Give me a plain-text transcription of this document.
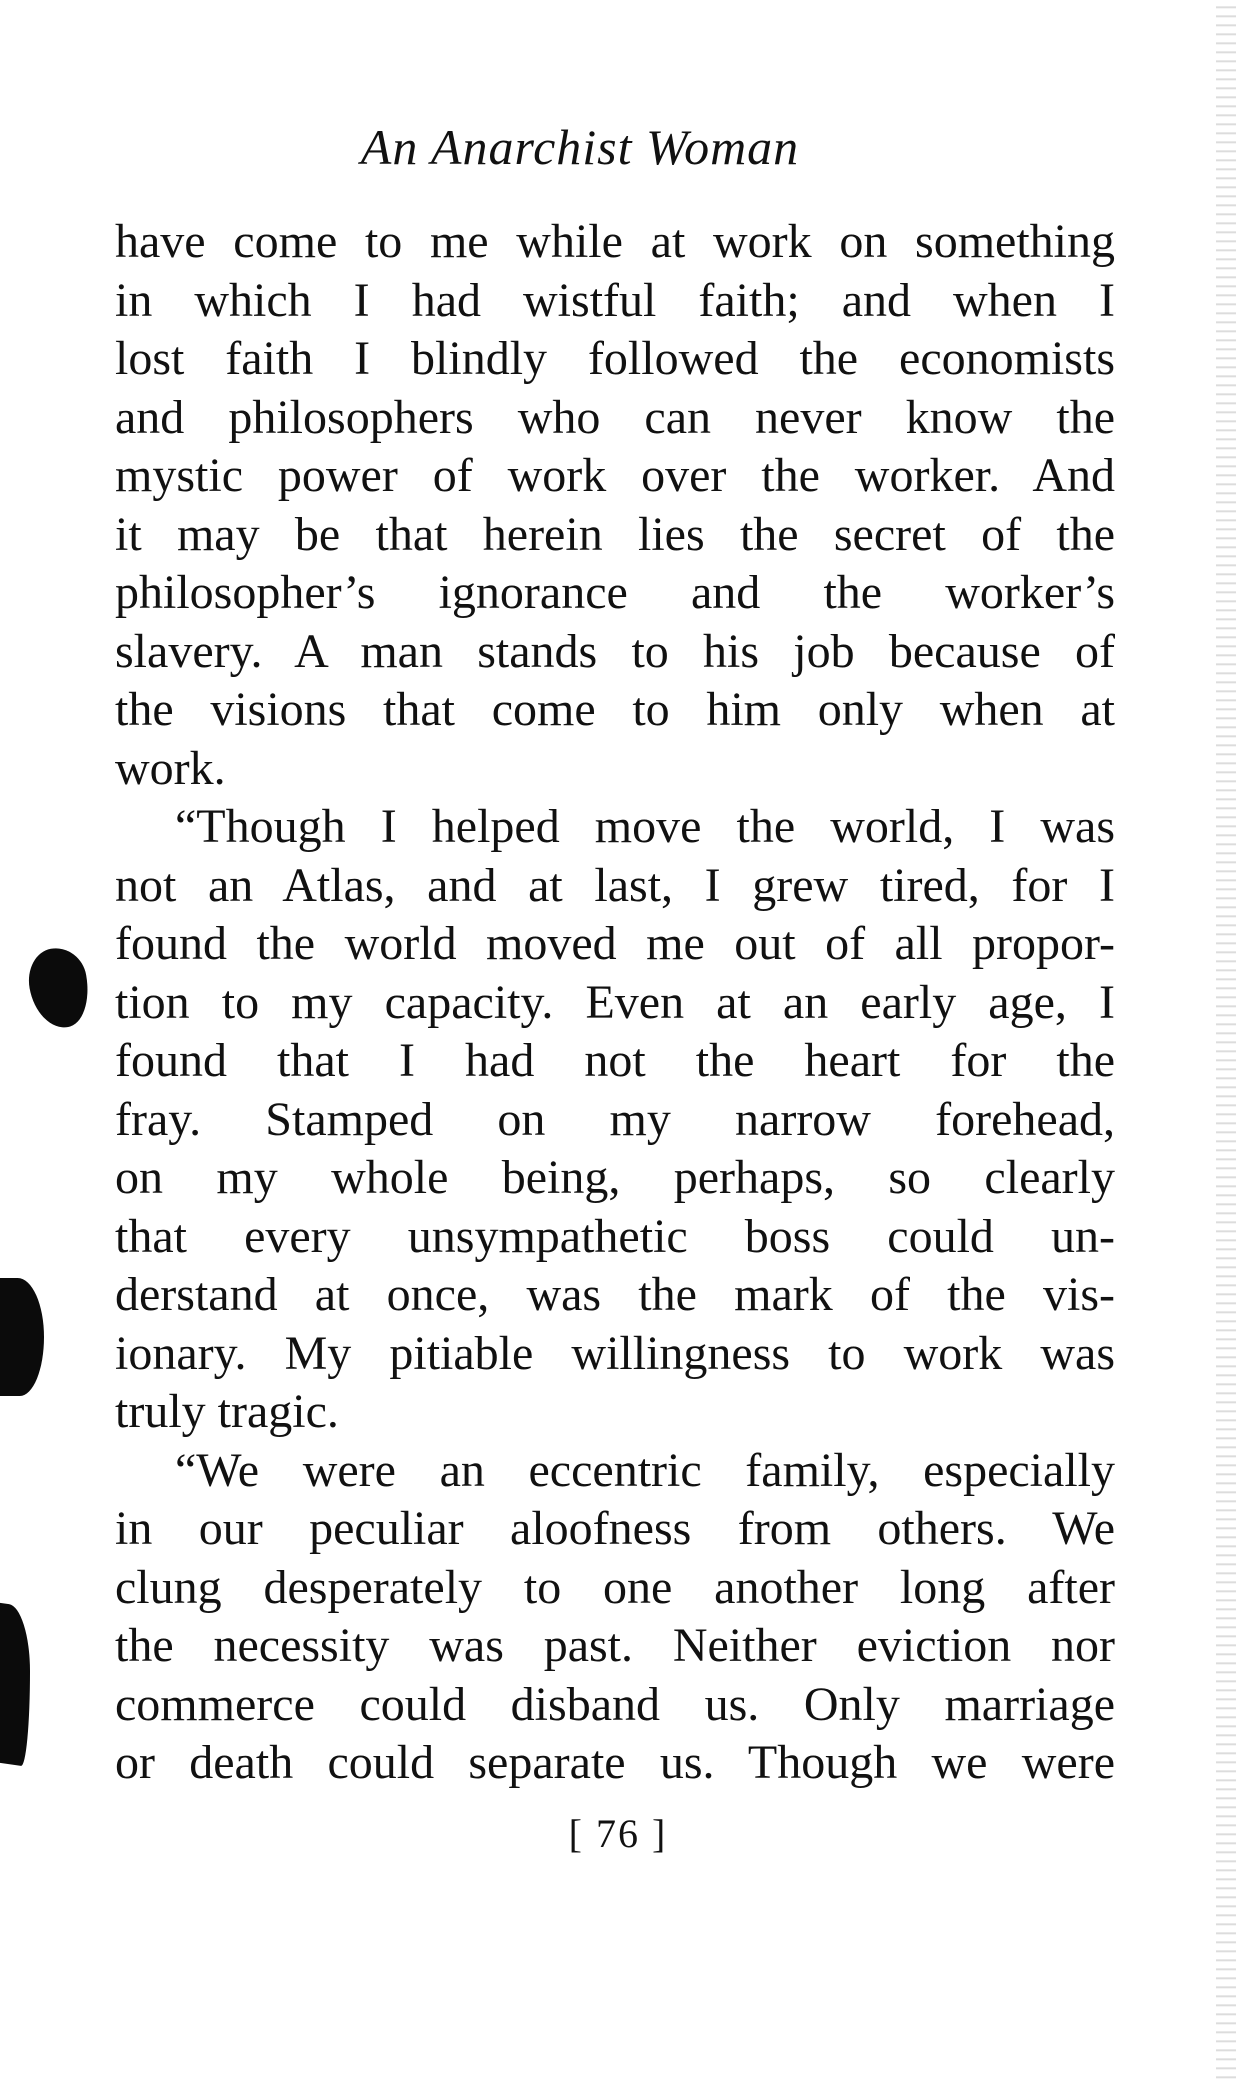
An Anarchist Woman
have come to me while at work on something
in which I had wistful faith; and when I
lost faith I blindly followed the economists
and philosophers who can never know the
mystic power of work over the worker. And
it may be that herein lies the secret of the
philosopher’s ignorance and the worker’s
slavery. A man stands to his job because of
the visions that come to him only when at
work.
“Though I helped move the world, I was
not an Atlas, and at last, I grew tired, for I
found the world moved me out of all propor-
tion to my capacity. Even at an early age, I
found that I had not the heart for the
fray. Stamped on my narrow forehead,
on my whole being, perhaps, so clearly
that every unsympathetic boss could un-
derstand at once, was the mark of the vis-
ionary. My pitiable willingness to work was
truly tragic.
“We were an eccentric family, especially
in our peculiar aloofness from others. We
clung desperately to one another long after
the necessity was past. Neither eviction nor
commerce could disband us. Only marriage
or death could separate us. Though we were
[ 76 ]
